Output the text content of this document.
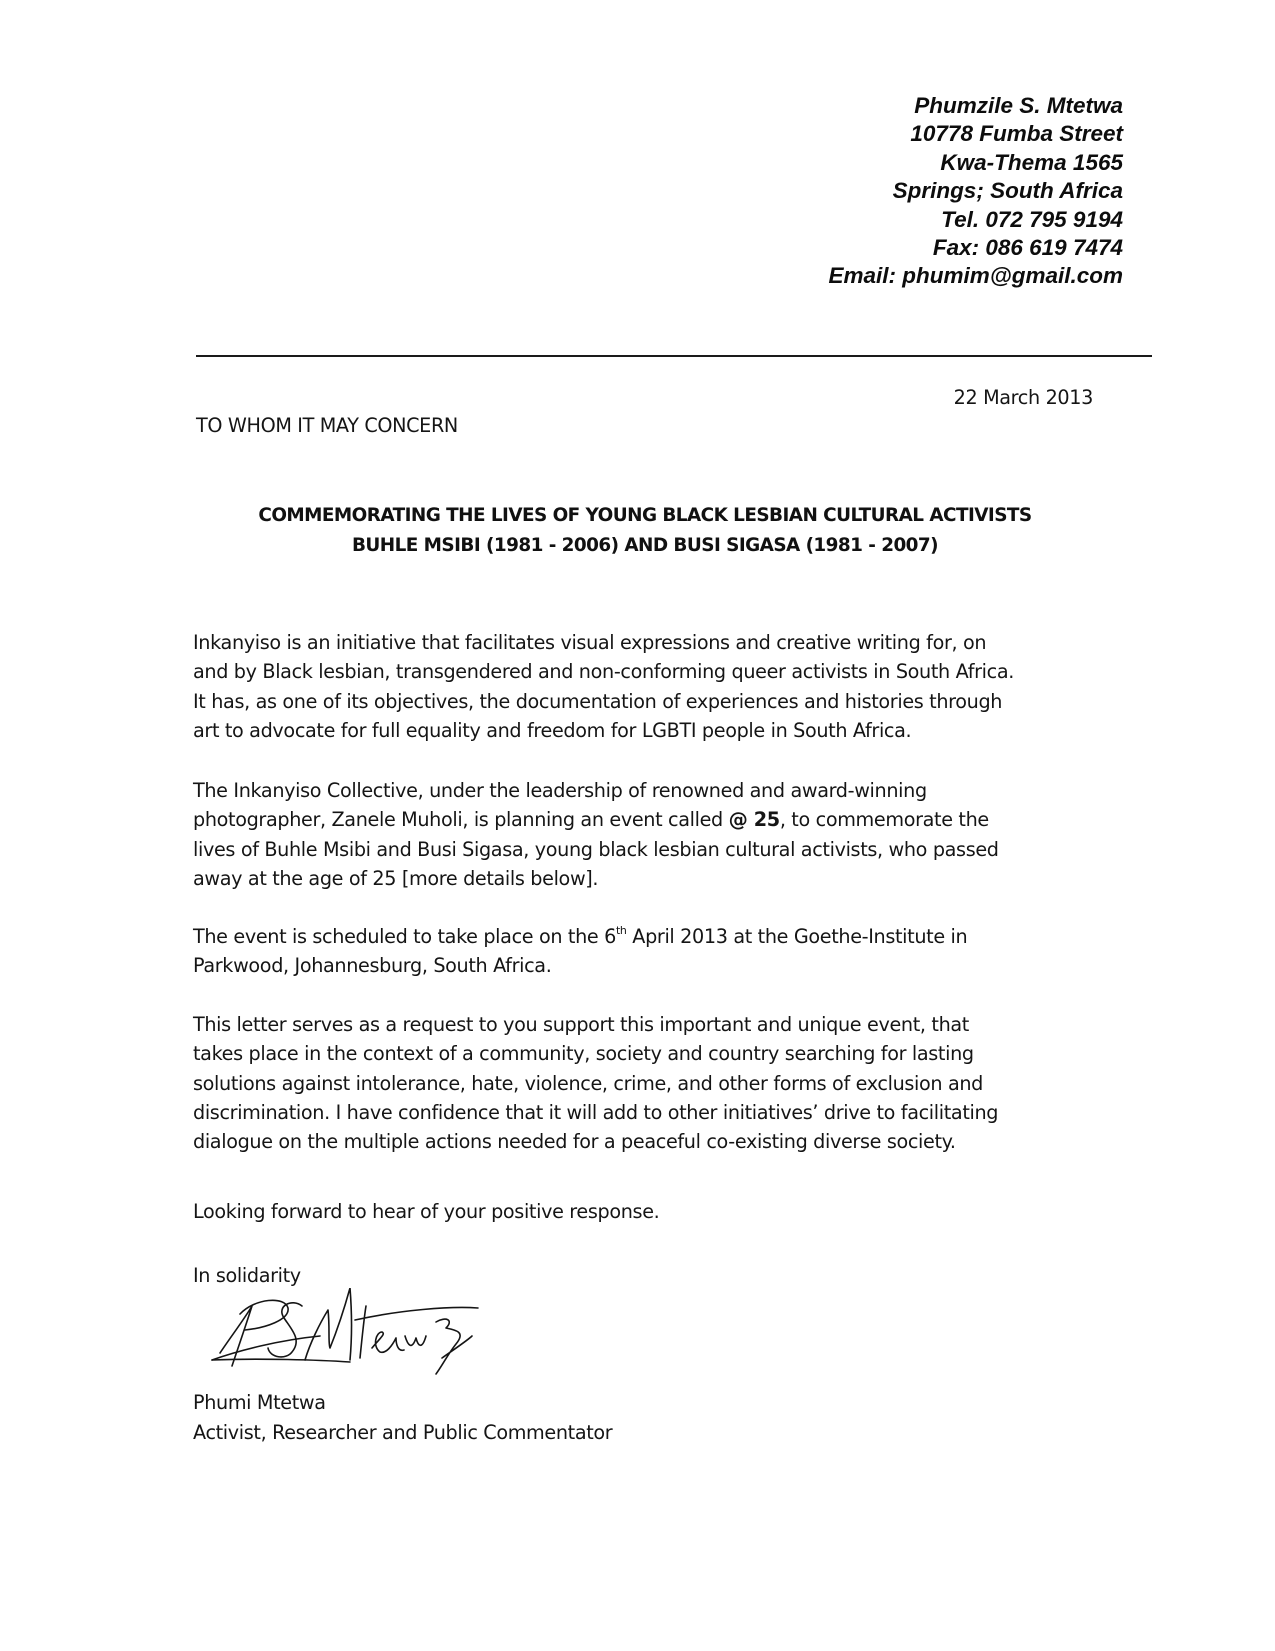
Phumzile S. Mtetwa
10778 Fumba Street
Kwa-Thema 1565
Springs; South Africa
Tel. 072 795 9194
Fax: 086 619 7474
Email: phumim@gmail.com
22 March 2013
TO WHOM IT MAY CONCERN
COMMEMORATING THE LIVES OF YOUNG BLACK LESBIAN CULTURAL ACTIVISTS
BUHLE MSIBI (1981 - 2006) AND BUSI SIGASA (1981 - 2007)
Inkanyiso is an initiative that facilitates visual expressions and creative writing for, on
and by Black lesbian, transgendered and non-conforming queer activists in South Africa.
It has, as one of its objectives, the documentation of experiences and histories through
art to advocate for full equality and freedom for LGBTI people in South Africa.
The Inkanyiso Collective, under the leadership of renowned and award-winning
photographer, Zanele Muholi, is planning an event called @ 25, to commemorate the
lives of Buhle Msibi and Busi Sigasa, young black lesbian cultural activists, who passed
away at the age of 25 [more details below].
The event is scheduled to take place on the 6th April 2013 at the Goethe-Institute in
Parkwood, Johannesburg, South Africa.
This letter serves as a request to you support this important and unique event, that
takes place in the context of a community, society and country searching for lasting
solutions against intolerance, hate, violence, crime, and other forms of exclusion and
discrimination. I have confidence that it will add to other initiatives’ drive to facilitating
dialogue on the multiple actions needed for a peaceful co-existing diverse society.
Looking forward to hear of your positive response.
In solidarity
Phumi Mtetwa
Activist, Researcher and Public Commentator
